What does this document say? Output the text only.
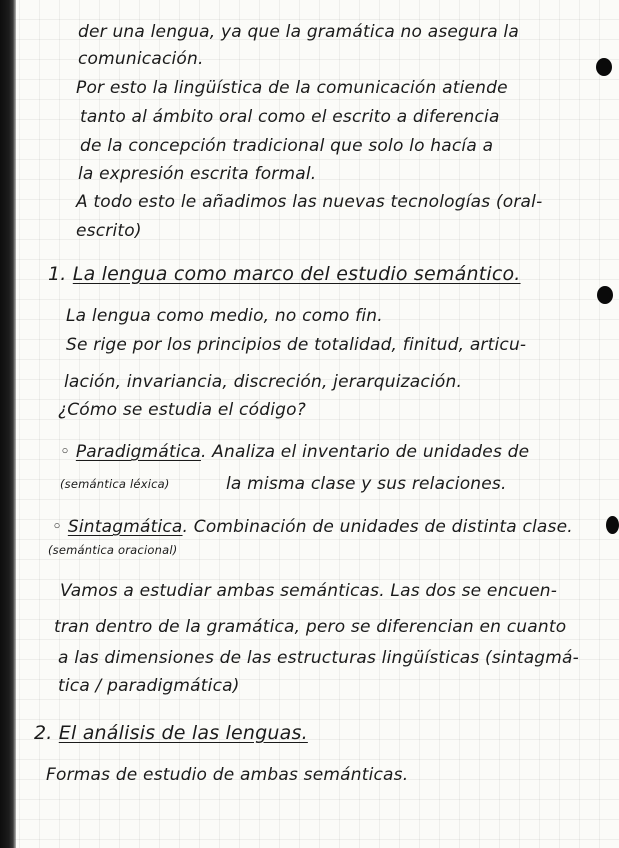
der una lengua, ya que la gramática no asegura la
comunicación.
Por esto la lingüística de la comunicación atiende
tanto al ámbito oral como el escrito a diferencia
de la concepción tradicional que solo lo hacía a
la expresión escrita formal.
A todo esto le añadimos las nuevas tecnologías (oral-
escrito)
1. La lengua como marco del estudio semántico.
La lengua como medio, no como fin.
Se rige por los principios de totalidad, finitud, articu-
lación, invariancia, discreción, jerarquización.
¿Cómo se estudia el código?
◦ Paradigmática. Analiza el inventario de unidades de
(semántica léxica)	la misma clase y sus relaciones.
◦ Sintagmática. Combinación de unidades de distinta clase.
(semántica oracional)
Vamos a estudiar ambas semánticas. Las dos se encuen-
tran dentro de la gramática, pero se diferencian en cuanto
a las dimensiones de las estructuras lingüísticas (sintagmá-
tica / paradigmática)
2. El análisis de las lenguas.
Formas de estudio de ambas semánticas.
